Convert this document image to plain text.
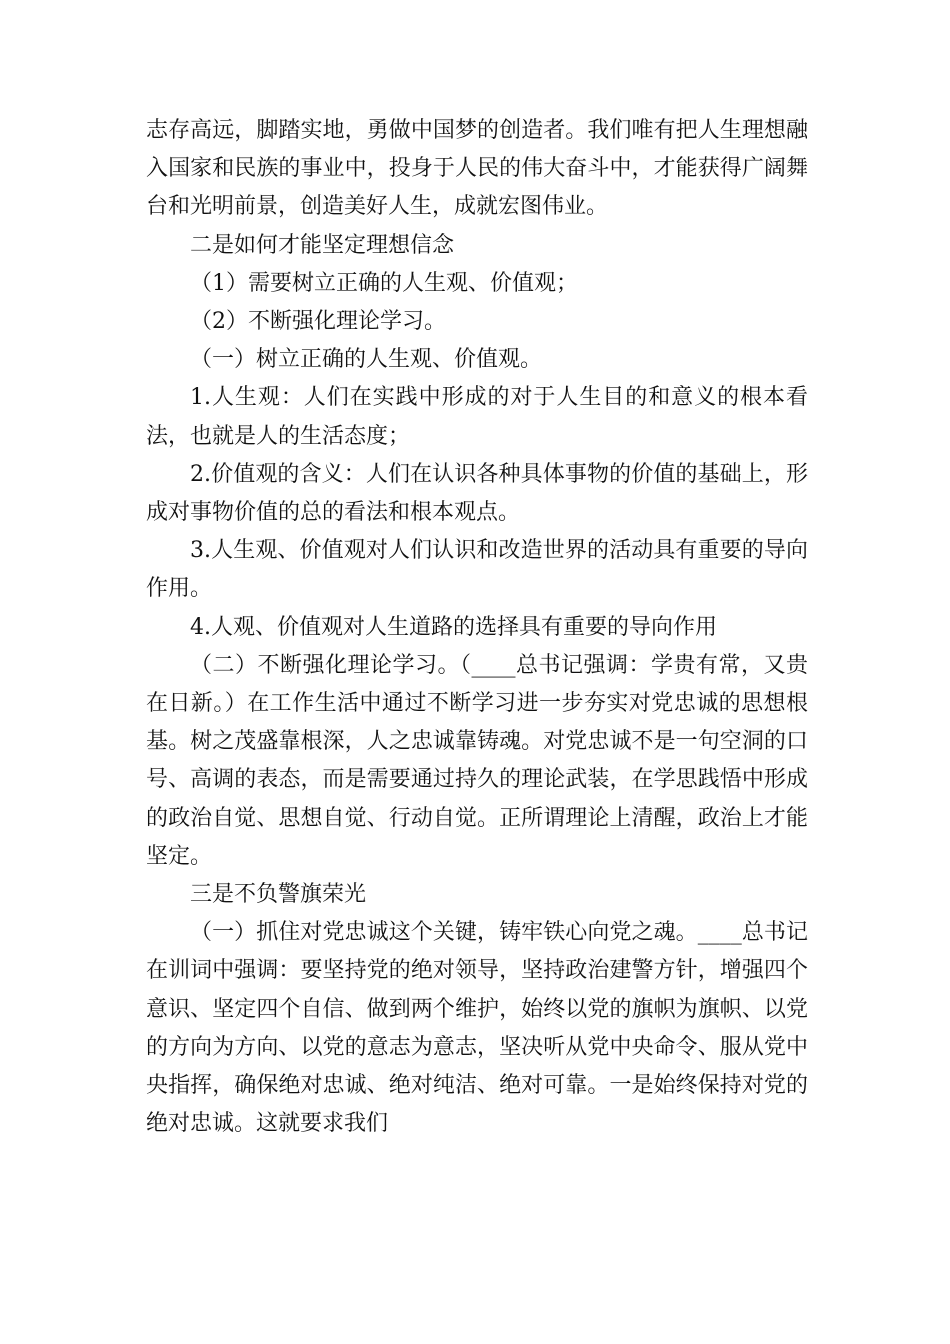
志存高远，脚踏实地，勇做中国梦的创造者。我们唯有把人生理想融入国家和民族的事业中，投身于人民的伟大奋斗中，才能获得广阔舞台和光明前景，创造美好人生，成就宏图伟业。

二是如何才能坚定理想信念

（1）需要树立正确的人生观、价值观；

（2）不断强化理论学习。

（一）树立正确的人生观、价值观。

1.人生观：人们在实践中形成的对于人生目的和意义的根本看法，也就是人的生活态度；

2.价值观的含义：人们在认识各种具体事物的价值的基础上，形成对事物价值的总的看法和根本观点。

3.人生观、价值观对人们认识和改造世界的活动具有重要的导向作用。

4.人观、价值观对人生道路的选择具有重要的导向作用

（二）不断强化理论学习。（____总书记强调：学贵有常，又贵在日新。）在工作生活中通过不断学习进一步夯实对党忠诚的思想根基。树之茂盛靠根深，人之忠诚靠铸魂。对党忠诚不是一句空洞的口号、高调的表态，而是需要通过持久的理论武装，在学思践悟中形成的政治自觉、思想自觉、行动自觉。正所谓理论上清醒，政治上才能坚定。

三是不负警旗荣光

（一）抓住对党忠诚这个关键，铸牢铁心向党之魂。____总书记在训词中强调：要坚持党的绝对领导，坚持政治建警方针，增强四个意识、坚定四个自信、做到两个维护，始终以党的旗帜为旗帜、以党的方向为方向、以党的意志为意志，坚决听从党中央命令、服从党中央指挥，确保绝对忠诚、绝对纯洁、绝对可靠。一是始终保持对党的绝对忠诚。这就要求我们
